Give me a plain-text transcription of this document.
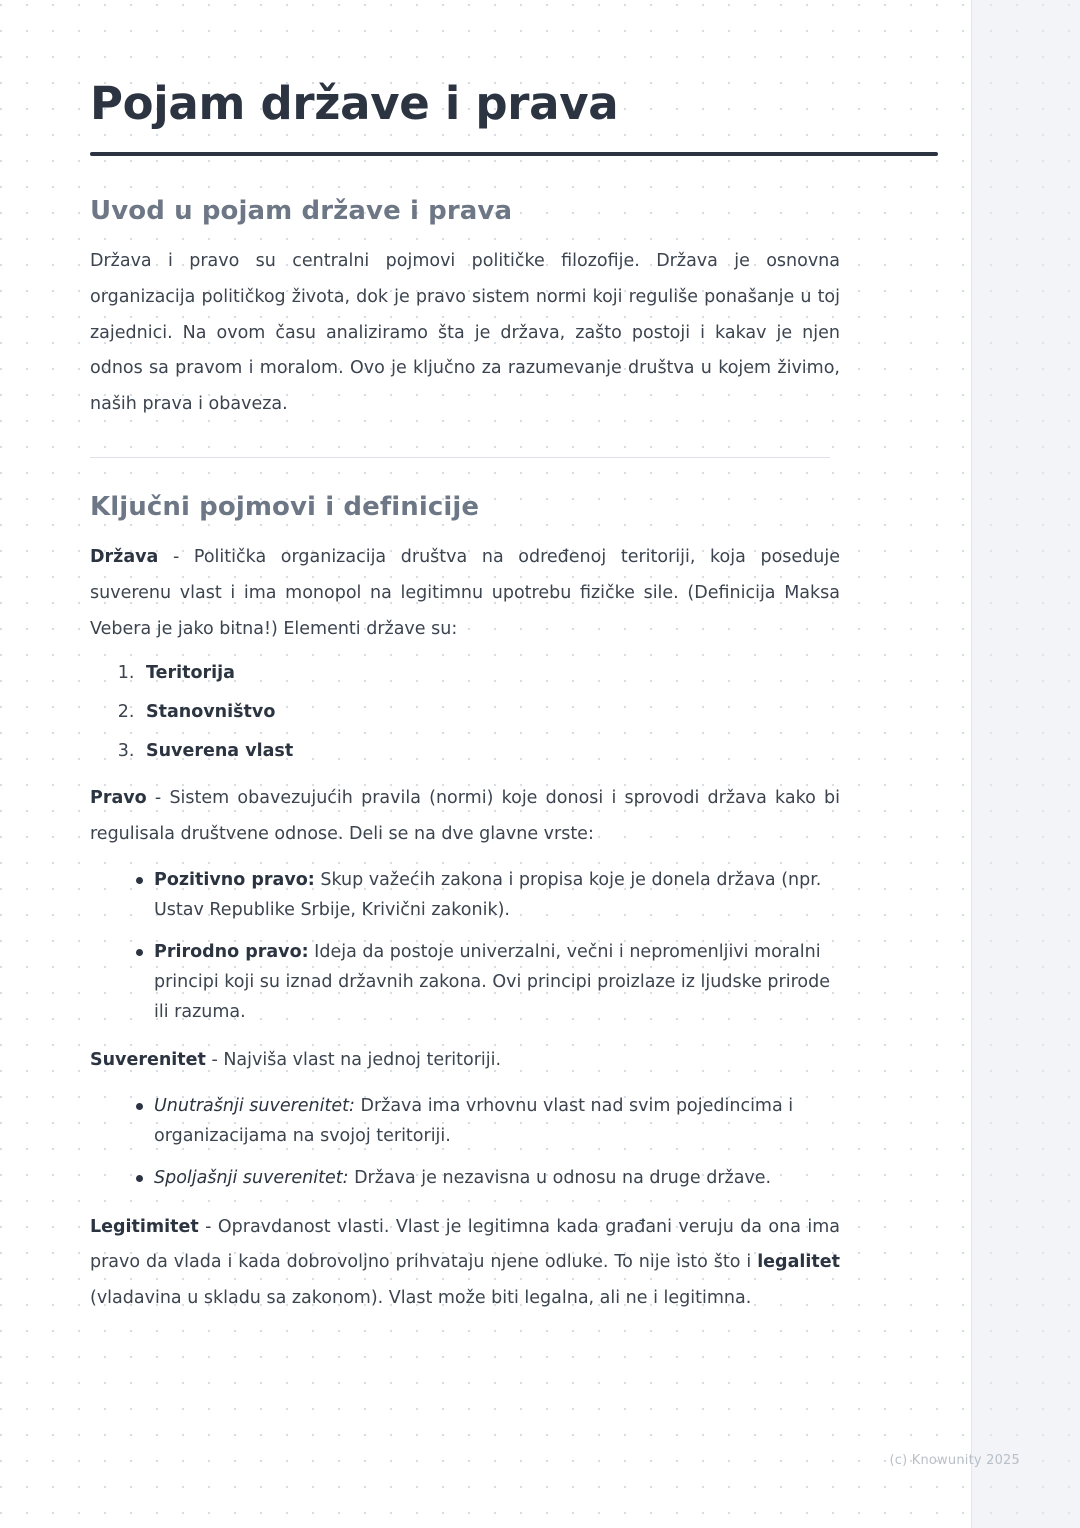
Pojam države i prava
Uvod u pojam države i prava

Država i pravo su centralni pojmovi političke filozofije. Država je osnovna organizacija političkog života, dok je pravo sistem normi koji reguliše ponašanje u toj zajednici. Na ovom času analiziramo šta je država, zašto postoji i kakav je njen odnos sa pravom i moralom. Ovo je ključno za razumevanje društva u kojem živimo, naših prava i obaveza.

Ključni pojmovi i definicije

Država - Politička organizacija društva na određenoj teritoriji, koja poseduje suverenu vlast i ima monopol na legitimnu upotrebu fizičke sile. (Definicija Maksa Vebera je jako bitna!) Elementi države su:

1. Teritorija
2. Stanovništvo
3. Suverena vlast

Pravo - Sistem obavezujućih pravila (normi) koje donosi i sprovodi država kako bi regulisala društvene odnose. Deli se na dve glavne vrste:

Pozitivno pravo: Skup važećih zakona i propisa koje je donela država (npr. Ustav Republike Srbije, Krivični zakonik).
Prirodno pravo: Ideja da postoje univerzalni, večni i nepromenljivi moralni principi koji su iznad državnih zakona. Ovi principi proizlaze iz ljudske prirode ili razuma.

Suverenitet - Najviša vlast na jednoj teritoriji.

Unutrašnji suverenitet: Država ima vrhovnu vlast nad svim pojedincima i organizacijama na svojoj teritoriji.
Spoljašnji suverenitet: Država je nezavisna u odnosu na druge države.

Legitimitet - Opravdanost vlasti. Vlast je legitimna kada građani veruju da ona ima pravo da vlada i kada dobrovoljno prihvataju njene odluke. To nije isto što i legalitet (vladavina u skladu sa zakonom). Vlast može biti legalna, ali ne i legitimna.

(c) Knowunity 2025
